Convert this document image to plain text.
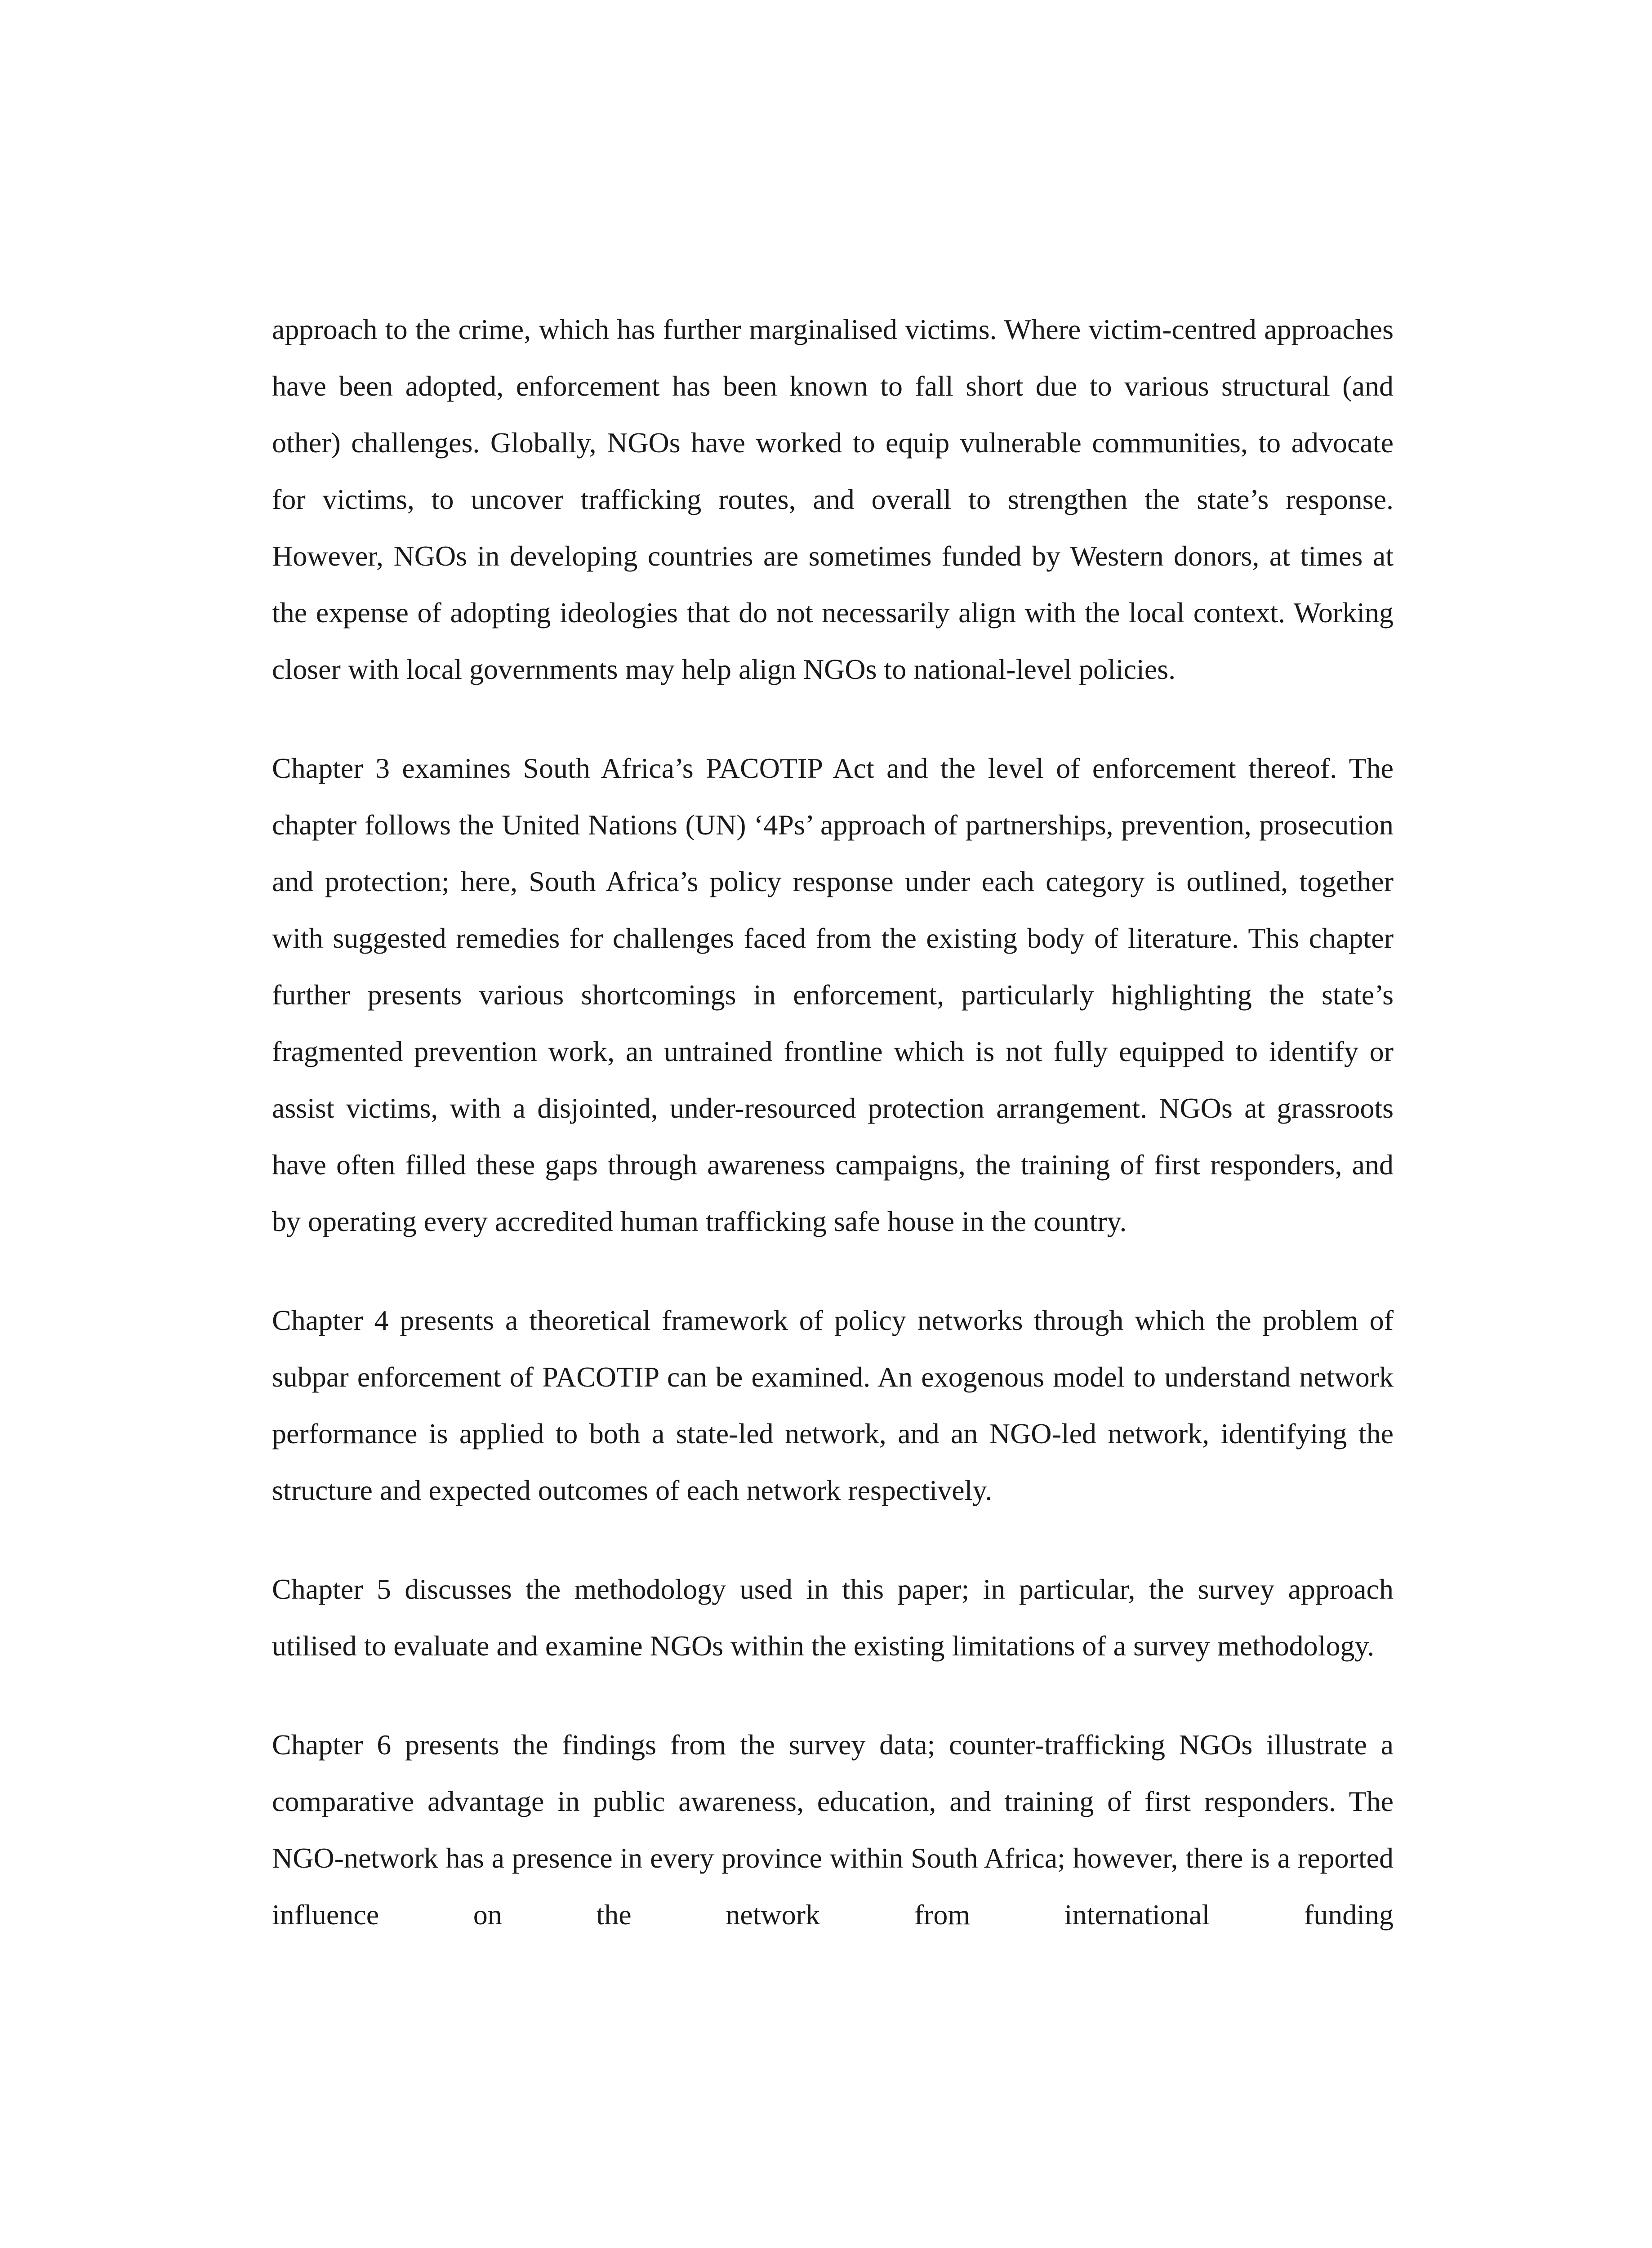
approach to the crime, which has further marginalised victims. Where victim-centred approaches have been adopted, enforcement has been known to fall short due to various structural (and other) challenges. Globally, NGOs have worked to equip vulnerable communities, to advocate for victims, to uncover trafficking routes, and overall to strengthen the state’s response. However, NGOs in developing countries are sometimes funded by Western donors, at times at the expense of adopting ideologies that do not necessarily align with the local context. Working closer with local governments may help align NGOs to national-level policies.

Chapter 3 examines South Africa’s PACOTIP Act and the level of enforcement thereof. The chapter follows the United Nations (UN) ‘4Ps’ approach of partnerships, prevention, prosecution and protection; here, South Africa’s policy response under each category is outlined, together with suggested remedies for challenges faced from the existing body of literature. This chapter further presents various shortcomings in enforcement, particularly highlighting the state’s fragmented prevention work, an untrained frontline which is not fully equipped to identify or assist victims, with a disjointed, under-resourced protection arrangement. NGOs at grassroots have often filled these gaps through awareness campaigns, the training of first responders, and by operating every accredited human trafficking safe house in the country.

Chapter 4 presents a theoretical framework of policy networks through which the problem of subpar enforcement of PACOTIP can be examined. An exogenous model to understand network performance is applied to both a state-led network, and an NGO-led network, identifying the structure and expected outcomes of each network respectively.

Chapter 5 discusses the methodology used in this paper; in particular, the survey approach utilised to evaluate and examine NGOs within the existing limitations of a survey methodology.

Chapter 6 presents the findings from the survey data; counter-trafficking NGOs illustrate a comparative advantage in public awareness, education, and training of first responders. The NGO-network has a presence in every province within South Africa; however, there is a reported influence on the network from international funding
